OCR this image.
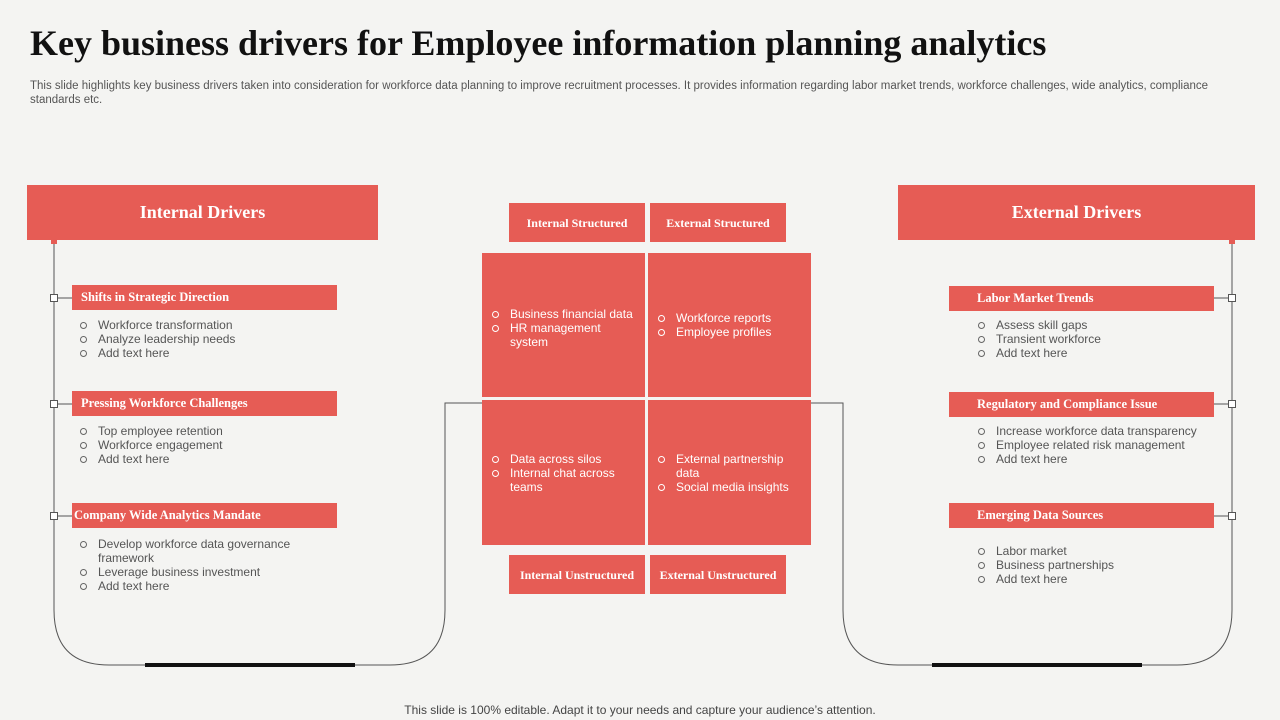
Key business drivers for Employee information planning analytics
This slide highlights key business drivers taken into consideration for workforce data planning to improve recruitment processes. It provides information regarding labor market trends, workforce challenges, wide analytics, compliance standards etc.
Internal Drivers
Shifts in Strategic Direction
Workforce transformation
Analyze leadership needs
Add text here
Pressing Workforce Challenges
Top employee retention
Workforce engagement
Add text here
Company Wide Analytics Mandate
Develop workforce data governance framework
Leverage business investment
Add text here
External Drivers
Labor Market Trends
Assess skill gaps
Transient workforce
Add text here
Regulatory and Compliance Issue
Increase workforce data transparency
Employee related risk management
Add text here
Emerging Data Sources
Labor market
Business partnerships
Add text here
Internal Structured	External Structured
Business financial data
HR management system
Workforce reports
Employee profiles
Data across silos
Internal chat across teams
External partnership data
Social media insights
Internal Unstructured	External Unstructured
This slide is 100% editable. Adapt it to your needs and capture your audience’s attention.
